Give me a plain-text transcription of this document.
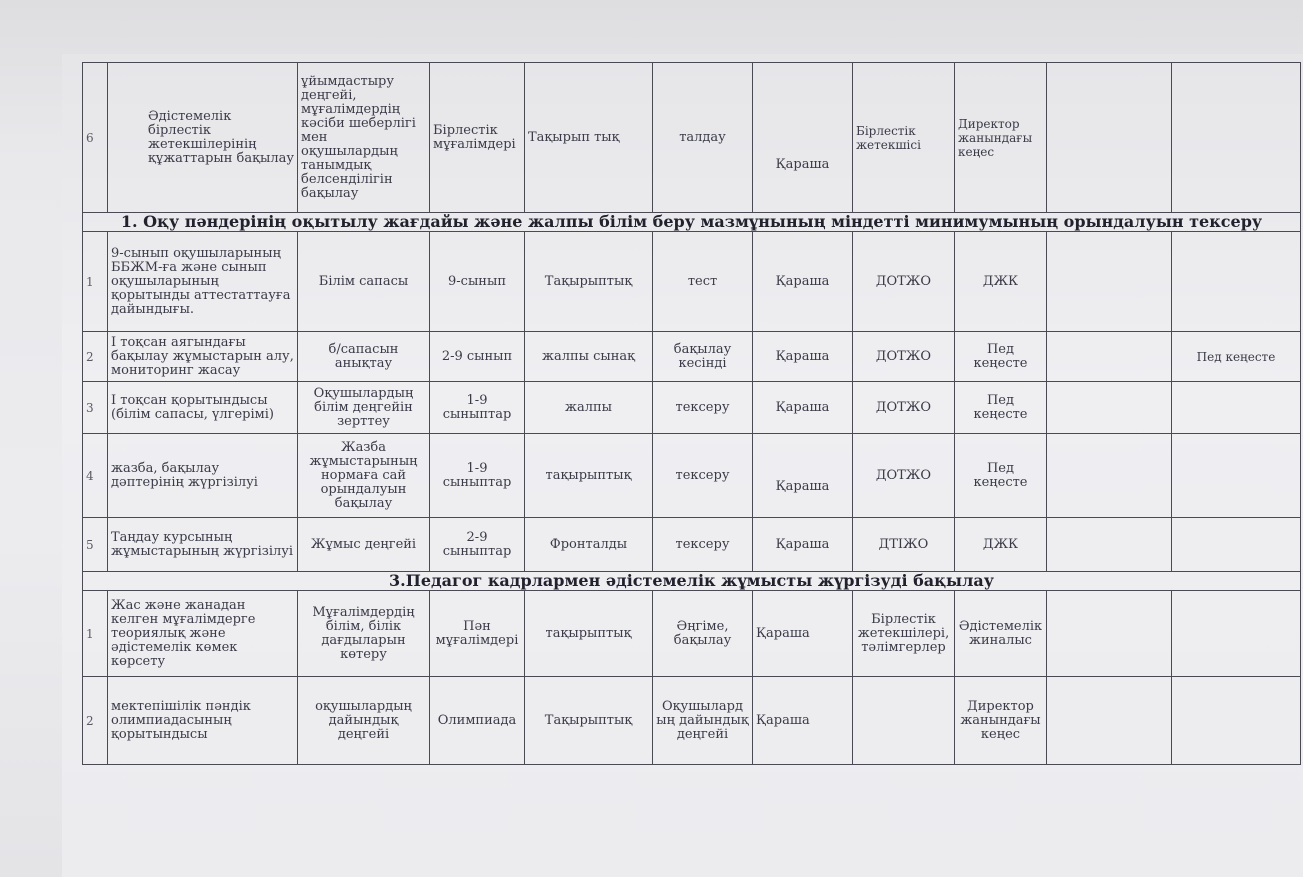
6	Әдістемелік бірлестік жетекшілерінің құжаттарын бақылау	ұйымдастыру деңгейі, мұғалімдердің кәсіби шеберлігі мен оқушылардың танымдық белсенділігін бақылау	Бірлестік мұғалімдері	Тақырып тық	талдау	Қараша	Бірлестік жетекшісі	Директор жанындағы кеңес		
1. Оқу пәндерінің оқытылу жағдайы және жалпы білім беру мазмұнының міндетті минимумының орындалуын тексеру										
1	9-сынып оқушыларының ББЖМ-ға және сынып оқушыларының қорытынды аттестаттауға дайындығы.	Білім сапасы	9-сынып	Тақырыптық	тест	Қараша	ДОТЖО	ДЖК		
2	І тоқсан аягындағы бақылау жұмыстарын алу, мониторинг жасау	б/сапасын анықтау	2-9 сынып	жалпы сынақ	бақылау кесінді	Қараша	ДОТЖО	Пед кеңесте		Пед кеңесте
3	І тоқсан қорытындысы (білім сапасы, үлгерімі)	Оқушылардың білім деңгейін зерттеу	1-9 сыныптар	жалпы	тексеру	Қараша	ДОТЖО	Пед кеңесте		
4	жазба, бақылау дәптерінің жүргізілуі	Жазба жұмыстарының нормаға сай орындалуын бақылау	1-9 сыныптар	тақырыптық	тексеру	Қараша	ДОТЖО	Пед кеңесте		
5	Таңдау курсының жұмыстарының жүргізілуі	Жұмыс деңгейі	2-9 сыныптар	Фронталды	тексеру	Қараша	ДТІЖО	ДЖК		
3.Педагог кадрлармен әдістемелік жұмысты жүргізуді бақылау										
1	Жас және жанадан келген мұғалімдерге теориялық және әдістемелік көмек көрсету	Мұғалімдердің білім, білік дағдыларын көтеру	Пән мұғалімдері	тақырыптық	Әңгіме, бақылау	Қараша	Бірлестік жетекшілері, тәлімгерлер	Әдістемелік жиналыс		
2	мектепішілік пәндік олимпиадасының қорытындысы	оқушылардың дайындық деңгейі	Олимпиада	Тақырыптық	Оқушылард ың дайындық деңгейі	Қараша		Директор жанындағы кеңес		
